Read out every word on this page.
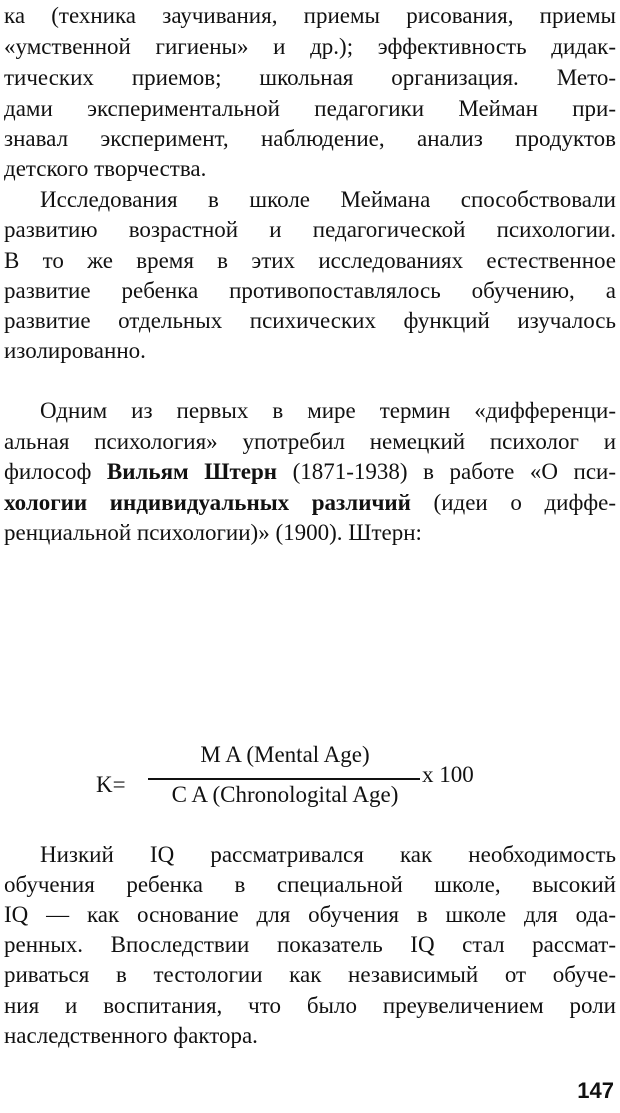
ка (техника заучивания, приемы рисования, приемы
«умственной гигиены» и др.); эффективность дидак-
тических приемов; школьная организация. Мето-
дами экспериментальной педагогики Мейман при-
знавал эксперимент, наблюдение, анализ продуктов
детского творчества.
Исследования в школе Меймана способствовали
развитию возрастной и педагогической психологии.
В то же время в этих исследованиях естественное
развитие ребенка противопоставлялось обучению, а
развитие отдельных психических функций изучалось
изолированно.
Одним из первых в мире термин «дифференци-
альная психология» употребил немецкий психолог и
философ Вильям Штерн (1871-1938) в работе «О пси-
хологии индивидуальных различий (идеи о диффе-
ренциальной психологии)» (1900). Штерн:
K=
M A (Mental Age)
C A (Chronologital Age)
x 100
Низкий IQ рассматривался как необходимость
обучения ребенка в специальной школе, высокий
IQ — как основание для обучения в школе для ода-
ренных. Впоследствии показатель IQ стал рассмат-
риваться в тестологии как независимый от обуче-
ния и воспитания, что было преувеличением роли
наследственного фактора.
147
